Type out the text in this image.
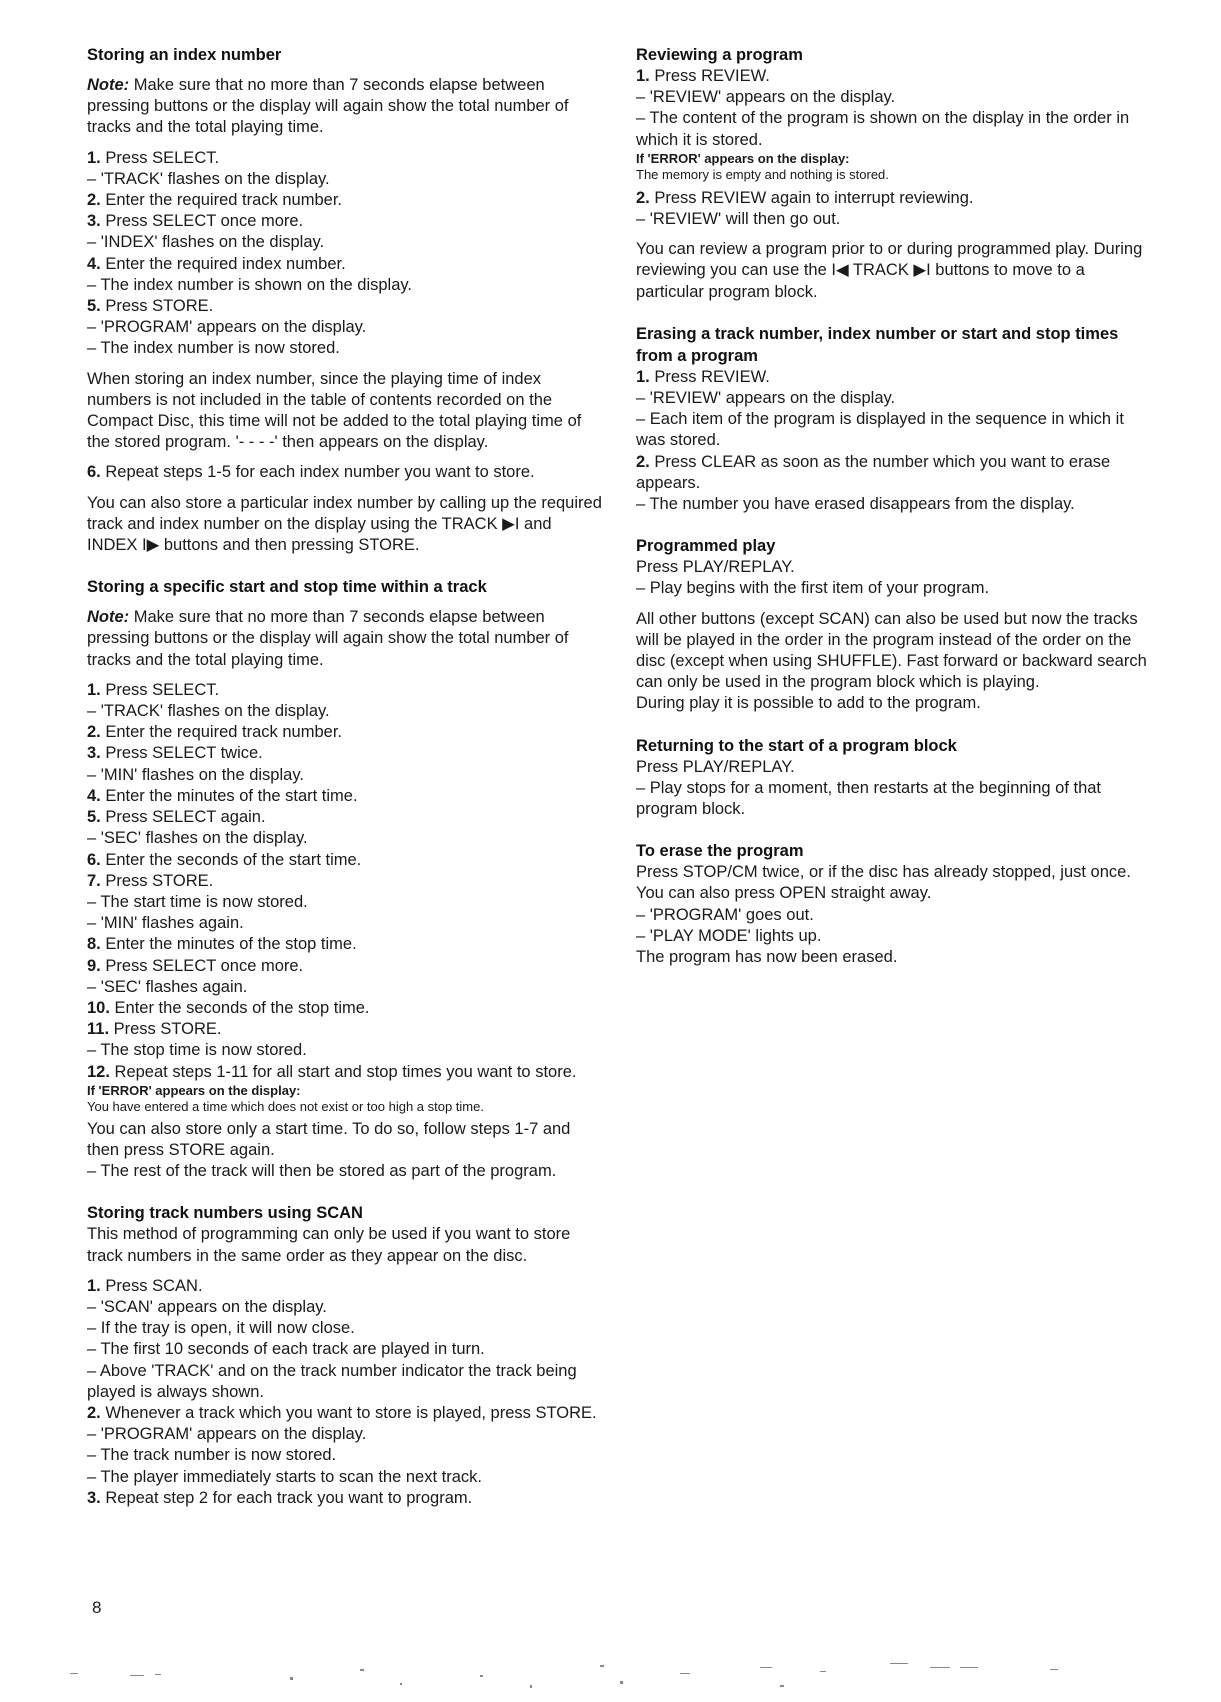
Storing an index number
Note: Make sure that no more than 7 seconds elapse between pressing buttons or the display will again show the total number of tracks and the total playing time.
1. Press SELECT.
– 'TRACK' flashes on the display.
2. Enter the required track number.
3. Press SELECT once more.
– 'INDEX' flashes on the display.
4. Enter the required index number.
– The index number is shown on the display.
5. Press STORE.
– 'PROGRAM' appears on the display.
– The index number is now stored.
When storing an index number, since the playing time of index numbers is not included in the table of contents recorded on the Compact Disc, this time will not be added to the total playing time of the stored program. '- - - -' then appears on the display.
6. Repeat steps 1-5 for each index number you want to store.
You can also store a particular index number by calling up the required track and index number on the display using the TRACK ▶I and INDEX I▶ buttons and then pressing STORE.
Storing a specific start and stop time within a track
Note: Make sure that no more than 7 seconds elapse between pressing buttons or the display will again show the total number of tracks and the total playing time.
1. Press SELECT.
– 'TRACK' flashes on the display.
2. Enter the required track number.
3. Press SELECT twice.
– 'MIN' flashes on the display.
4. Enter the minutes of the start time.
5. Press SELECT again.
– 'SEC' flashes on the display.
6. Enter the seconds of the start time.
7. Press STORE.
– The start time is now stored.
– 'MIN' flashes again.
8. Enter the minutes of the stop time.
9. Press SELECT once more.
– 'SEC' flashes again.
10. Enter the seconds of the stop time.
11. Press STORE.
– The stop time is now stored.
12. Repeat steps 1-11 for all start and stop times you want to store.
If 'ERROR' appears on the display:
You have entered a time which does not exist or too high a stop time.
You can also store only a start time. To do so, follow steps 1-7 and then press STORE again.
– The rest of the track will then be stored as part of the program.
Storing track numbers using SCAN
This method of programming can only be used if you want to store track numbers in the same order as they appear on the disc.
1. Press SCAN.
– 'SCAN' appears on the display.
– If the tray is open, it will now close.
– The first 10 seconds of each track are played in turn.
– Above 'TRACK' and on the track number indicator the track being played is always shown.
2. Whenever a track which you want to store is played, press STORE.
– 'PROGRAM' appears on the display.
– The track number is now stored.
– The player immediately starts to scan the next track.
3. Repeat step 2 for each track you want to program.
Reviewing a program
1. Press REVIEW.
– 'REVIEW' appears on the display.
– The content of the program is shown on the display in the order in which it is stored.
If 'ERROR' appears on the display:
The memory is empty and nothing is stored.
2. Press REVIEW again to interrupt reviewing.
– 'REVIEW' will then go out.
You can review a program prior to or during programmed play. During reviewing you can use the I◀ TRACK ▶I buttons to move to a particular program block.
Erasing a track number, index number or start and stop times from a program
1. Press REVIEW.
– 'REVIEW' appears on the display.
– Each item of the program is displayed in the sequence in which it was stored.
2. Press CLEAR as soon as the number which you want to erase appears.
– The number you have erased disappears from the display.
Programmed play
Press PLAY/REPLAY.
– Play begins with the first item of your program.
All other buttons (except SCAN) can also be used but now the tracks will be played in the order in the program instead of the order on the disc (except when using SHUFFLE). Fast forward or backward search can only be used in the program block which is playing.
During play it is possible to add to the program.
Returning to the start of a program block
Press PLAY/REPLAY.
– Play stops for a moment, then restarts at the beginning of that program block.
To erase the program
Press STOP/CM twice, or if the disc has already stopped, just once.
You can also press OPEN straight away.
– 'PROGRAM' goes out.
– 'PLAY MODE' lights up.
The program has now been erased.
8
